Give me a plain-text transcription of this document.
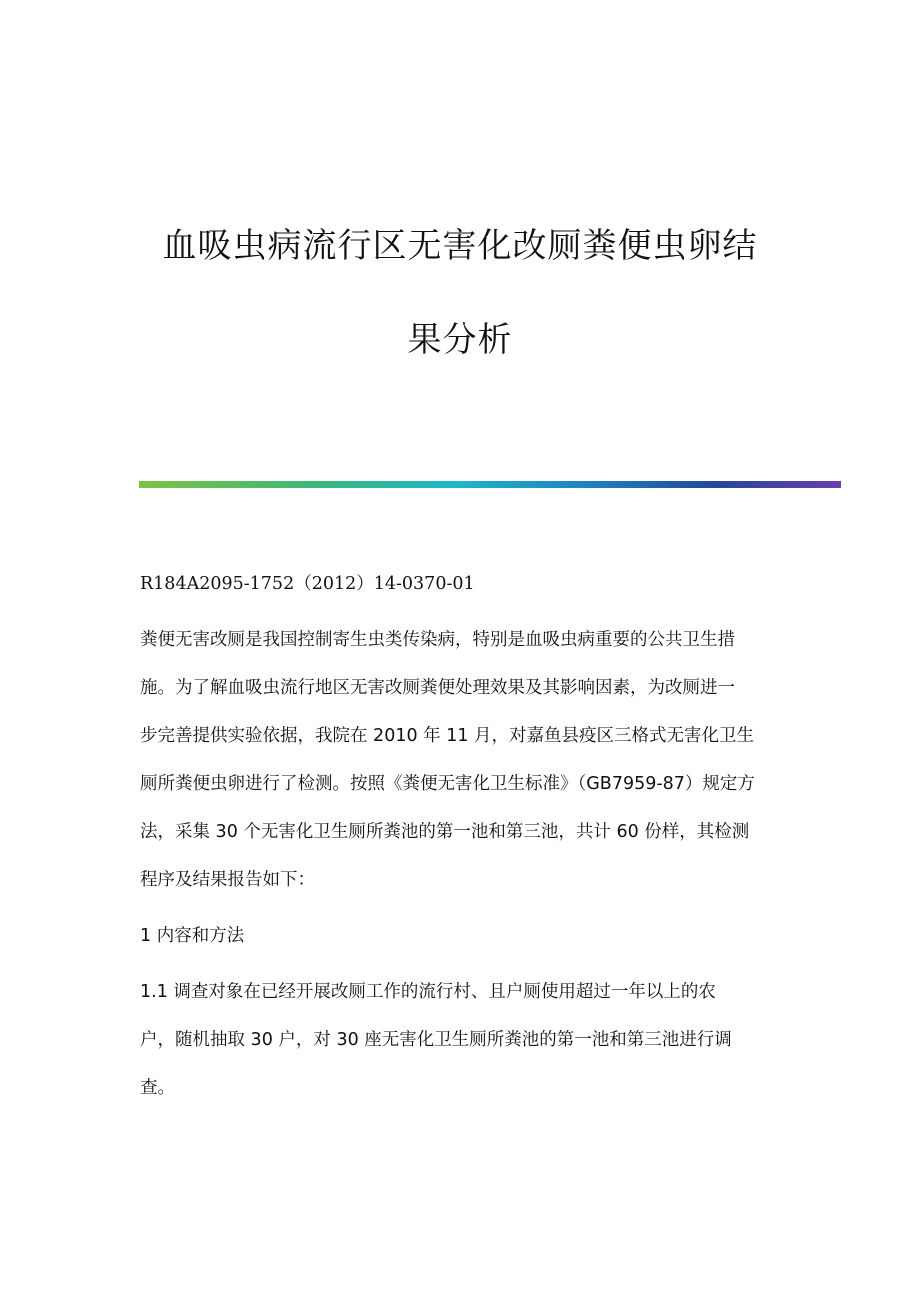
血吸虫病流行区无害化改厕粪便虫卵结
果分析
R184A2095-1752（2012）14-0370-01
粪便无害改厕是我国控制寄生虫类传染病，特别是血吸虫病重要的公共卫生措
施。为了解血吸虫流行地区无害改厕粪便处理效果及其影响因素，为改厕进一
步完善提供实验依据，我院在 2010 年 11 月，对嘉鱼县疫区三格式无害化卫生
厕所粪便虫卵进行了检测。按照《粪便无害化卫生标准》（GB7959-87）规定方
法，采集 30 个无害化卫生厕所粪池的第一池和第三池，共计 60 份样，其检测
程序及结果报告如下：
1 内容和方法
1.1 调查对象在已经开展改厕工作的流行村、且户厕使用超过一年以上的农
户，随机抽取 30 户，对 30 座无害化卫生厕所粪池的第一池和第三池进行调
查。
